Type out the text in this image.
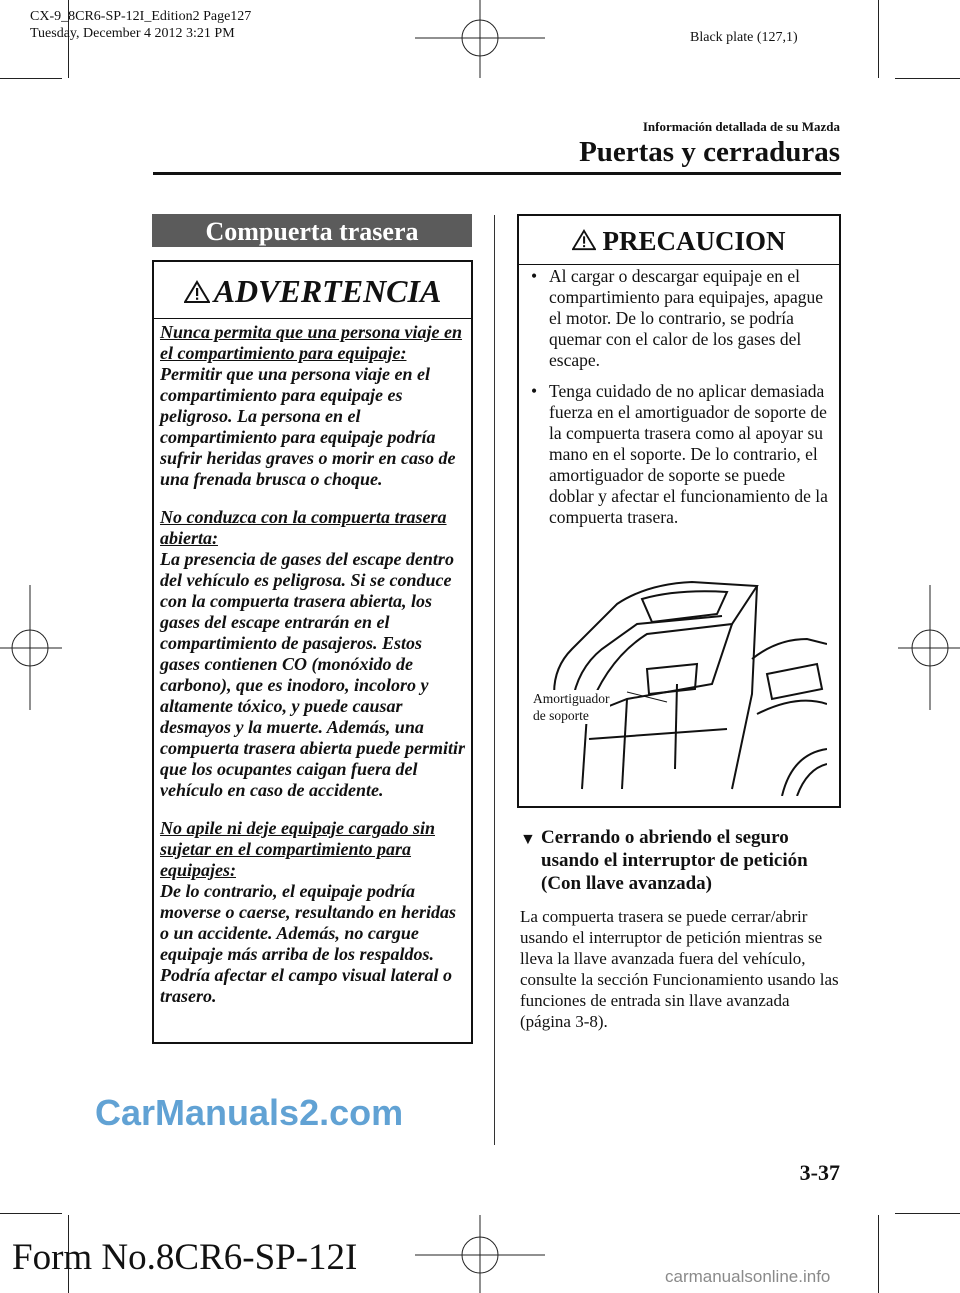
CX-9_8CR6-SP-12I_Edition2 Page127
Tuesday, December 4 2012 3:21 PM	Black plate (127,1)
Información detallada de su Mazda
Puertas y cerraduras
Compuerta trasera
ADVERTENCIA

Nunca permita que una persona viaje en el compartimiento para equipaje:
Permitir que una persona viaje en el compartimiento para equipaje es peligroso. La persona en el compartimiento para equipaje podría sufrir heridas graves o morir en caso de una frenada brusca o choque.

No conduzca con la compuerta trasera abierta:
La presencia de gases del escape dentro del vehículo es peligrosa. Si se conduce con la compuerta trasera abierta, los gases del escape entrarán en el compartimiento de pasajeros. Estos gases contienen CO (monóxido de carbono), que es inodoro, incoloro y altamente tóxico, y puede causar desmayos y la muerte. Además, una compuerta trasera abierta puede permitir que los ocupantes caigan fuera del vehículo en caso de accidente.

No apile ni deje equipaje cargado sin sujetar en el compartimiento para equipajes:
De lo contrario, el equipaje podría moverse o caerse, resultando en heridas o un accidente. Además, no cargue equipaje más arriba de los respaldos. Podría afectar el campo visual lateral o trasero.

PRECAUCION
• Al cargar o descargar equipaje en el compartimiento para equipajes, apague el motor. De lo contrario, se podría quemar con el calor de los gases del escape.
• Tenga cuidado de no aplicar demasiada fuerza en el amortiguador de soporte de la compuerta trasera como al apoyar su mano en el soporte. De lo contrario, el amortiguador de soporte se puede doblar y afectar el funcionamiento de la compuerta trasera.
Amortiguador
de soporte
▼ Cerrando o abriendo el seguro usando el interruptor de petición (Con llave avanzada)
La compuerta trasera se puede cerrar/abrir usando el interruptor de petición mientras se lleva la llave avanzada fuera del vehículo, consulte la sección Funcionamiento usando las funciones de entrada sin llave avanzada (página 3-8).
CarManuals2.com
3-37
Form No.8CR6-SP-12I	carmanualsonline.info
